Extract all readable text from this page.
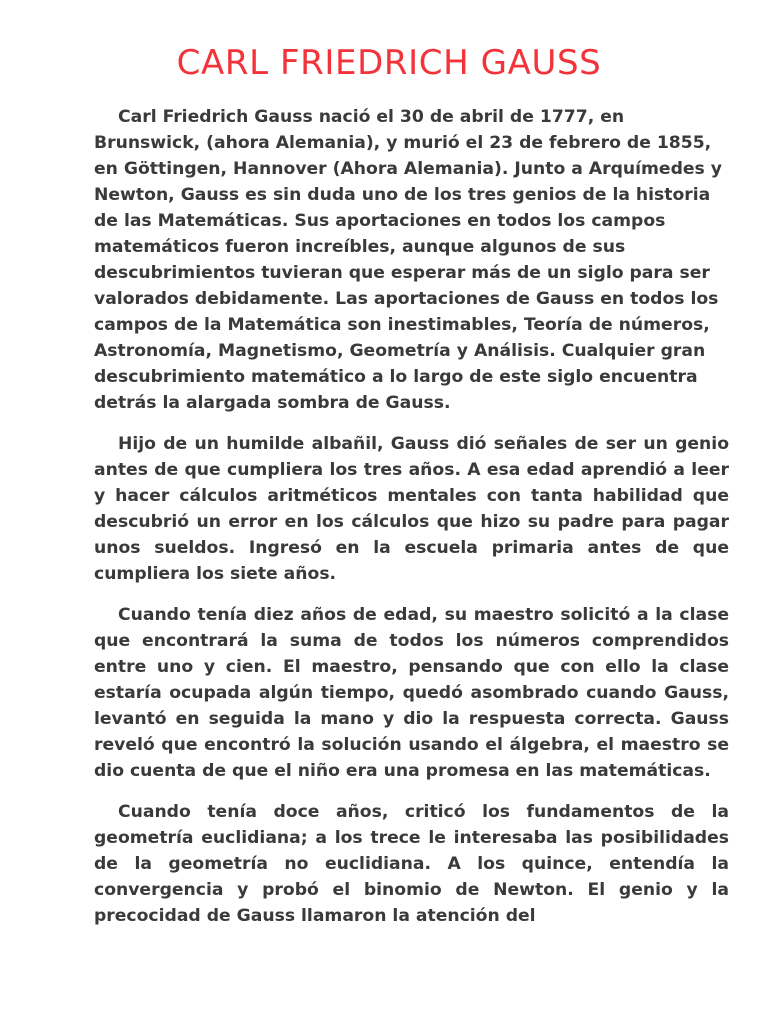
CARL FRIEDRICH GAUSS

Carl Friedrich Gauss nació el 30 de abril de 1777, en Brunswick, (ahora Alemania), y murió el 23 de febrero de 1855, en Göttingen, Hannover (Ahora Alemania). Junto a Arquímedes y Newton, Gauss es sin duda uno de los tres genios de la historia de las Matemáticas. Sus aportaciones en todos los campos matemáticos fueron increíbles, aunque algunos de sus descubrimientos tuvieran que esperar más de un siglo para ser valorados debidamente. Las aportaciones de Gauss en todos los campos de la Matemática son inestimables, Teoría de números, Astronomía, Magnetismo, Geometría y Análisis. Cualquier gran descubrimiento matemático a lo largo de este siglo encuentra detrás la alargada sombra de Gauss.

Hijo de un humilde albañil, Gauss dió señales de ser un genio antes de que cumpliera los tres años. A esa edad aprendió a leer y hacer cálculos aritméticos mentales con tanta habilidad que descubrió un error en los cálculos que hizo su padre para pagar unos sueldos. Ingresó en la escuela primaria antes de que cumpliera los siete años.

Cuando tenía diez años de edad, su maestro solicitó a la clase que encontrará la suma de todos los números comprendidos entre uno y cien. El maestro, pensando que con ello la clase estaría ocupada algún tiempo, quedó asombrado cuando Gauss, levantó en seguida la mano y dio la respuesta correcta. Gauss reveló que encontró la solución usando el álgebra, el maestro se dio cuenta de que el niño era una promesa en las matemáticas.

Cuando tenía doce años, criticó los fundamentos de la geometría euclidiana; a los trece le interesaba las posibilidades de la geometría no euclidiana. A los quince, entendía la convergencia y probó el binomio de Newton. El genio y la precocidad de Gauss llamaron la atención del
